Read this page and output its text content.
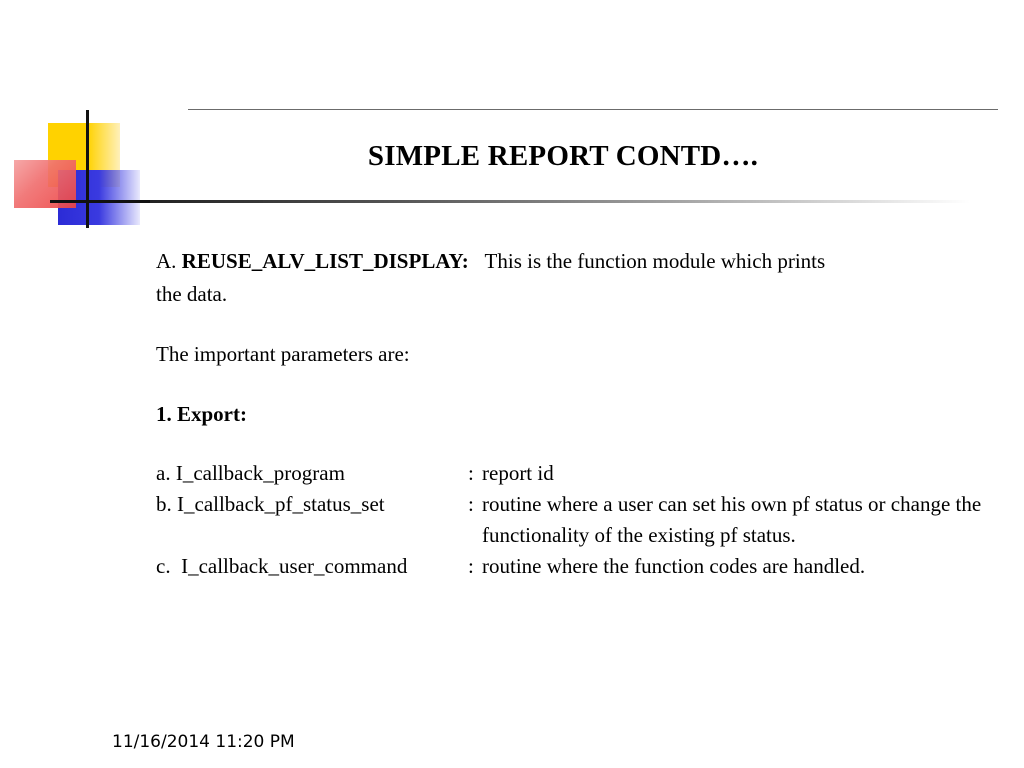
SIMPLE REPORT CONTD….

A. REUSE_ALV_LIST_DISPLAY: This is the function module which prints
the data.

The important parameters are:

1. Export:

a. I_callback_program	: report id
b. I_callback_pf_status_set	: routine where a user can set his own pf status or change the functionality of the existing pf status.
c.  I_callback_user_command	: routine where the function codes are handled.
11/16/2014 11:20 PM
